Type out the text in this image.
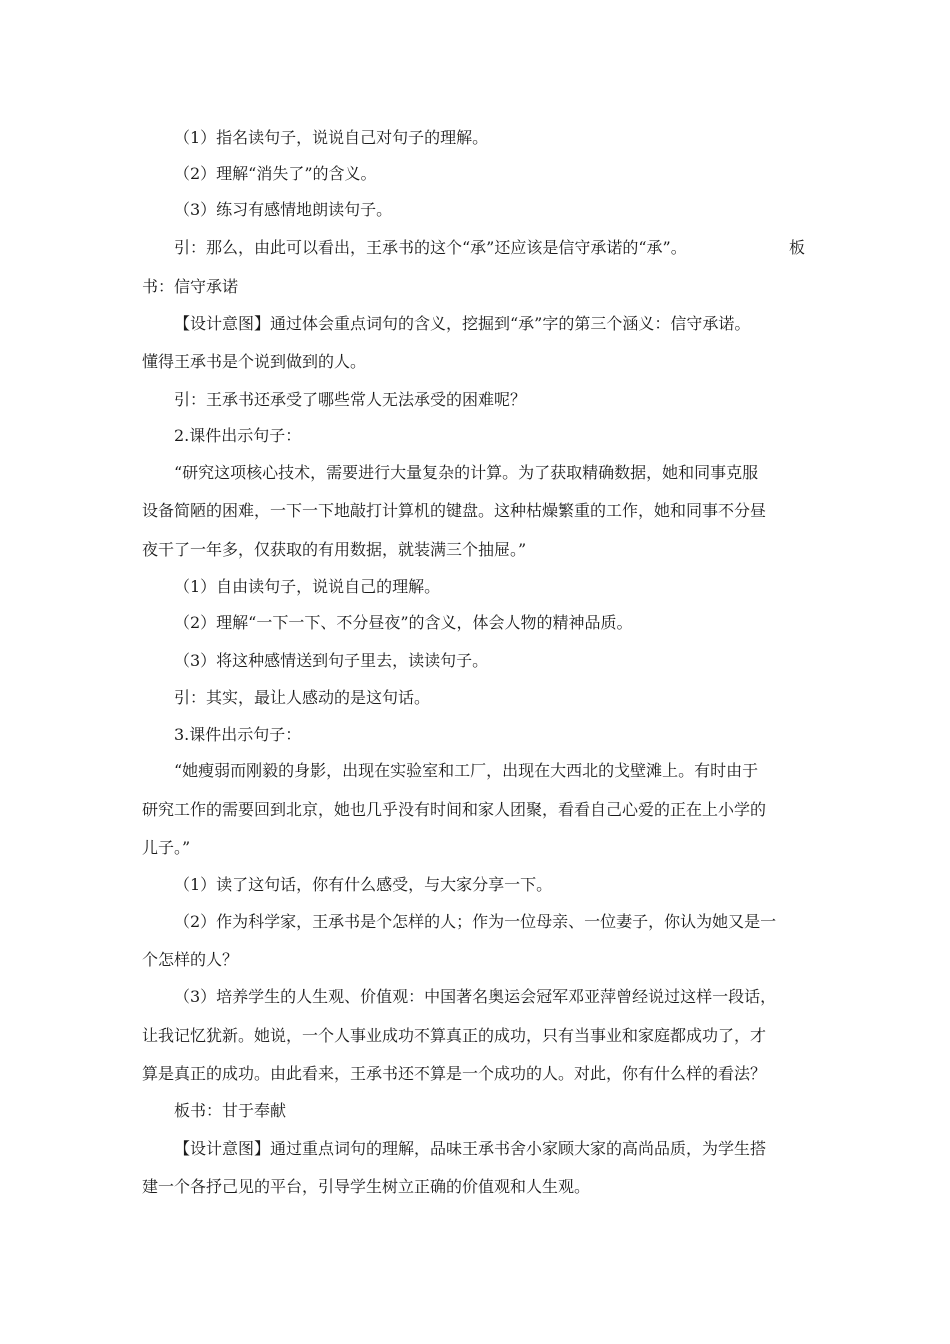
（1）指名读句子，说说自己对句子的理解。

（2）理解“消失了”的含义。

（3）练习有感情地朗读句子。

引：那么，由此可以看出，王承书的这个“承”还应该是信守承诺的“承”。	板

书：信守承诺

【设计意图】通过体会重点词句的含义，挖掘到“承”字的第三个涵义：信守承诺。

懂得王承书是个说到做到的人。

引：王承书还承受了哪些常人无法承受的困难呢？

2.课件出示句子：

“研究这项核心技术，需要进行大量复杂的计算。为了获取精确数据，她和同事克服

设备简陋的困难，一下一下地敲打计算机的键盘。这种枯燥繁重的工作，她和同事不分昼

夜干了一年多，仅获取的有用数据，就装满三个抽屉。”

（1）自由读句子，说说自己的理解。

（2）理解“一下一下、不分昼夜”的含义，体会人物的精神品质。

（3）将这种感情送到句子里去，读读句子。

引：其实，最让人感动的是这句话。

3.课件出示句子：

“她瘦弱而刚毅的身影，出现在实验室和工厂，出现在大西北的戈壁滩上。有时由于

研究工作的需要回到北京，她也几乎没有时间和家人团聚，看看自己心爱的正在上小学的

儿子。”

（1）读了这句话，你有什么感受，与大家分享一下。

（2）作为科学家，王承书是个怎样的人；作为一位母亲、一位妻子，你认为她又是一

个怎样的人？

（3）培养学生的人生观、价值观：中国著名奥运会冠军邓亚萍曾经说过这样一段话，

让我记忆犹新。她说，一个人事业成功不算真正的成功，只有当事业和家庭都成功了，才

算是真正的成功。由此看来，王承书还不算是一个成功的人。对此，你有什么样的看法？

板书：甘于奉献

【设计意图】通过重点词句的理解，品味王承书舍小家顾大家的高尚品质，为学生搭

建一个各抒己见的平台，引导学生树立正确的价值观和人生观。
